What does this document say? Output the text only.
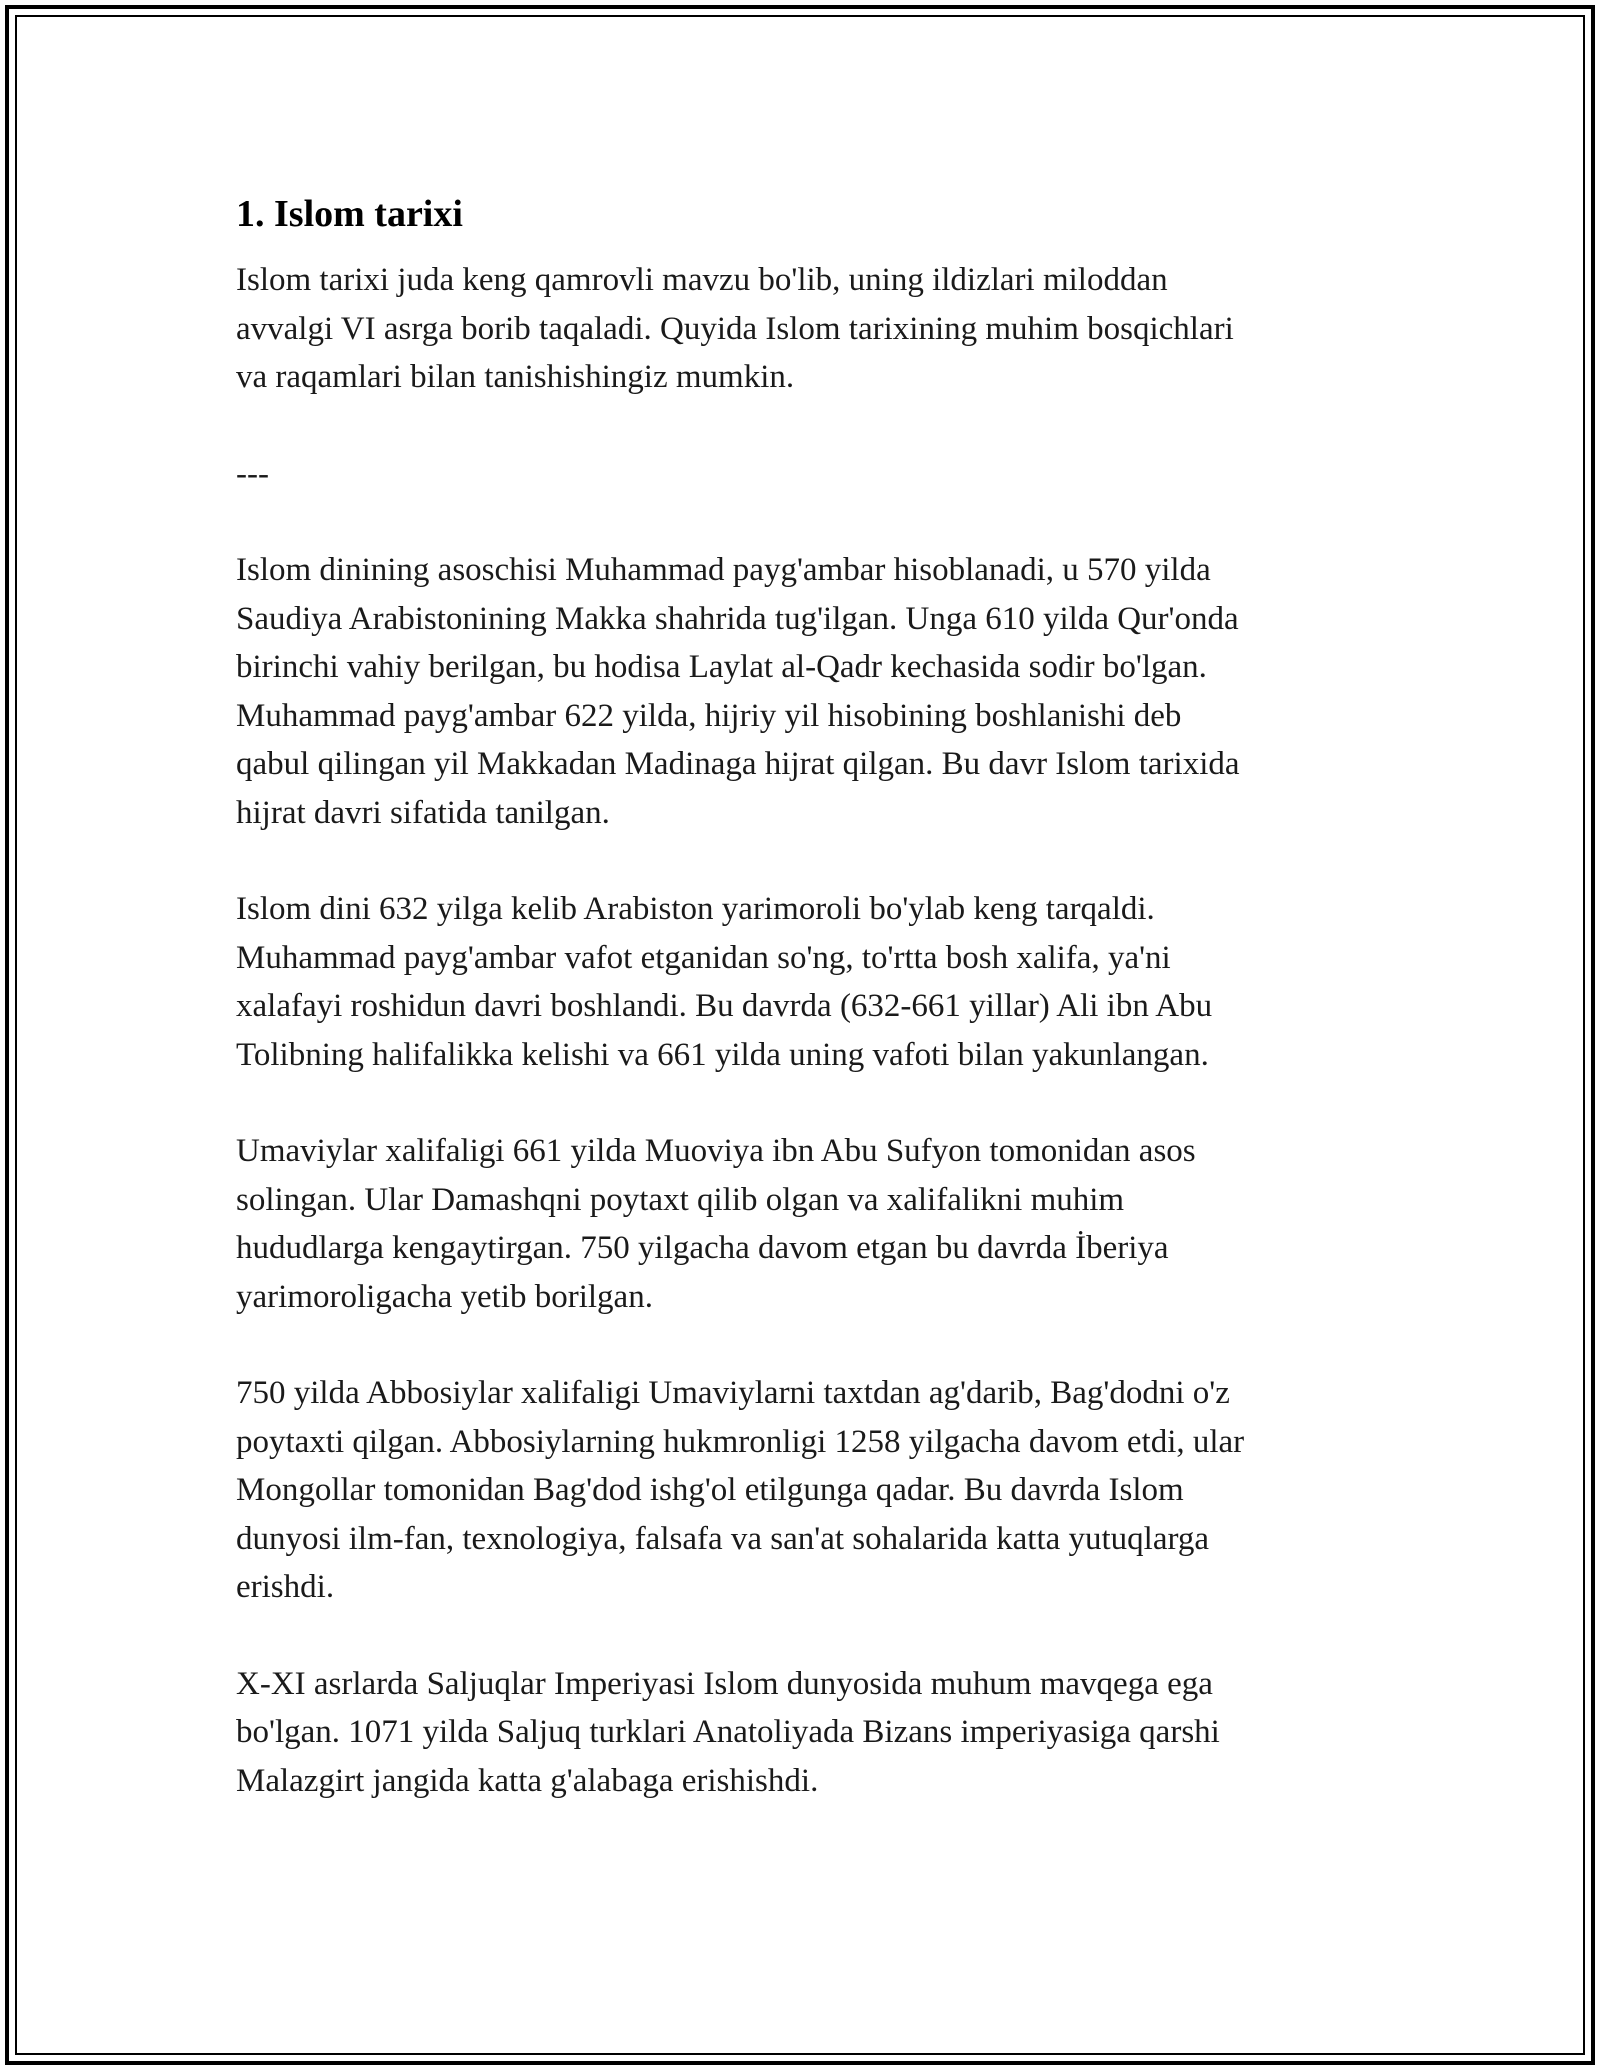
1. Islom tarixi

Islom tarixi juda keng qamrovli mavzu bo'lib, uning ildizlari miloddan
avvalgi VI asrga borib taqaladi. Quyida Islom tarixining muhim bosqichlari
va raqamlari bilan tanishishingiz mumkin.

---

Islom dinining asoschisi Muhammad payg'ambar hisoblanadi, u 570 yilda
Saudiya Arabistonining Makka shahrida tug'ilgan. Unga 610 yilda Qur'onda
birinchi vahiy berilgan, bu hodisa Laylat al-Qadr kechasida sodir bo'lgan.
Muhammad payg'ambar 622 yilda, hijriy yil hisobining boshlanishi deb
qabul qilingan yil Makkadan Madinaga hijrat qilgan. Bu davr Islom tarixida
hijrat davri sifatida tanilgan.

Islom dini 632 yilga kelib Arabiston yarimoroli bo'ylab keng tarqaldi.
Muhammad payg'ambar vafot etganidan so'ng, to'rtta bosh xalifa, ya'ni
xalafayi roshidun davri boshlandi. Bu davrda (632-661 yillar) Ali ibn Abu
Tolibning halifalikka kelishi va 661 yilda uning vafoti bilan yakunlangan.

Umaviylar xalifaligi 661 yilda Muoviya ibn Abu Sufyon tomonidan asos
solingan. Ular Damashqni poytaxt qilib olgan va xalifalikni muhim
hududlarga kengaytirgan. 750 yilgacha davom etgan bu davrda İberiya
yarimoroligacha yetib borilgan.

750 yilda Abbosiylar xalifaligi Umaviylarni taxtdan ag'darib, Bag'dodni o'z
poytaxti qilgan. Abbosiylarning hukmronligi 1258 yilgacha davom etdi, ular
Mongollar tomonidan Bag'dod ishg'ol etilgunga qadar. Bu davrda Islom
dunyosi ilm-fan, texnologiya, falsafa va san'at sohalarida katta yutuqlarga
erishdi.

X-XI asrlarda Saljuqlar Imperiyasi Islom dunyosida muhum mavqega ega
bo'lgan. 1071 yilda Saljuq turklari Anatoliyada Bizans imperiyasiga qarshi
Malazgirt jangida katta g'alabaga erishishdi.
